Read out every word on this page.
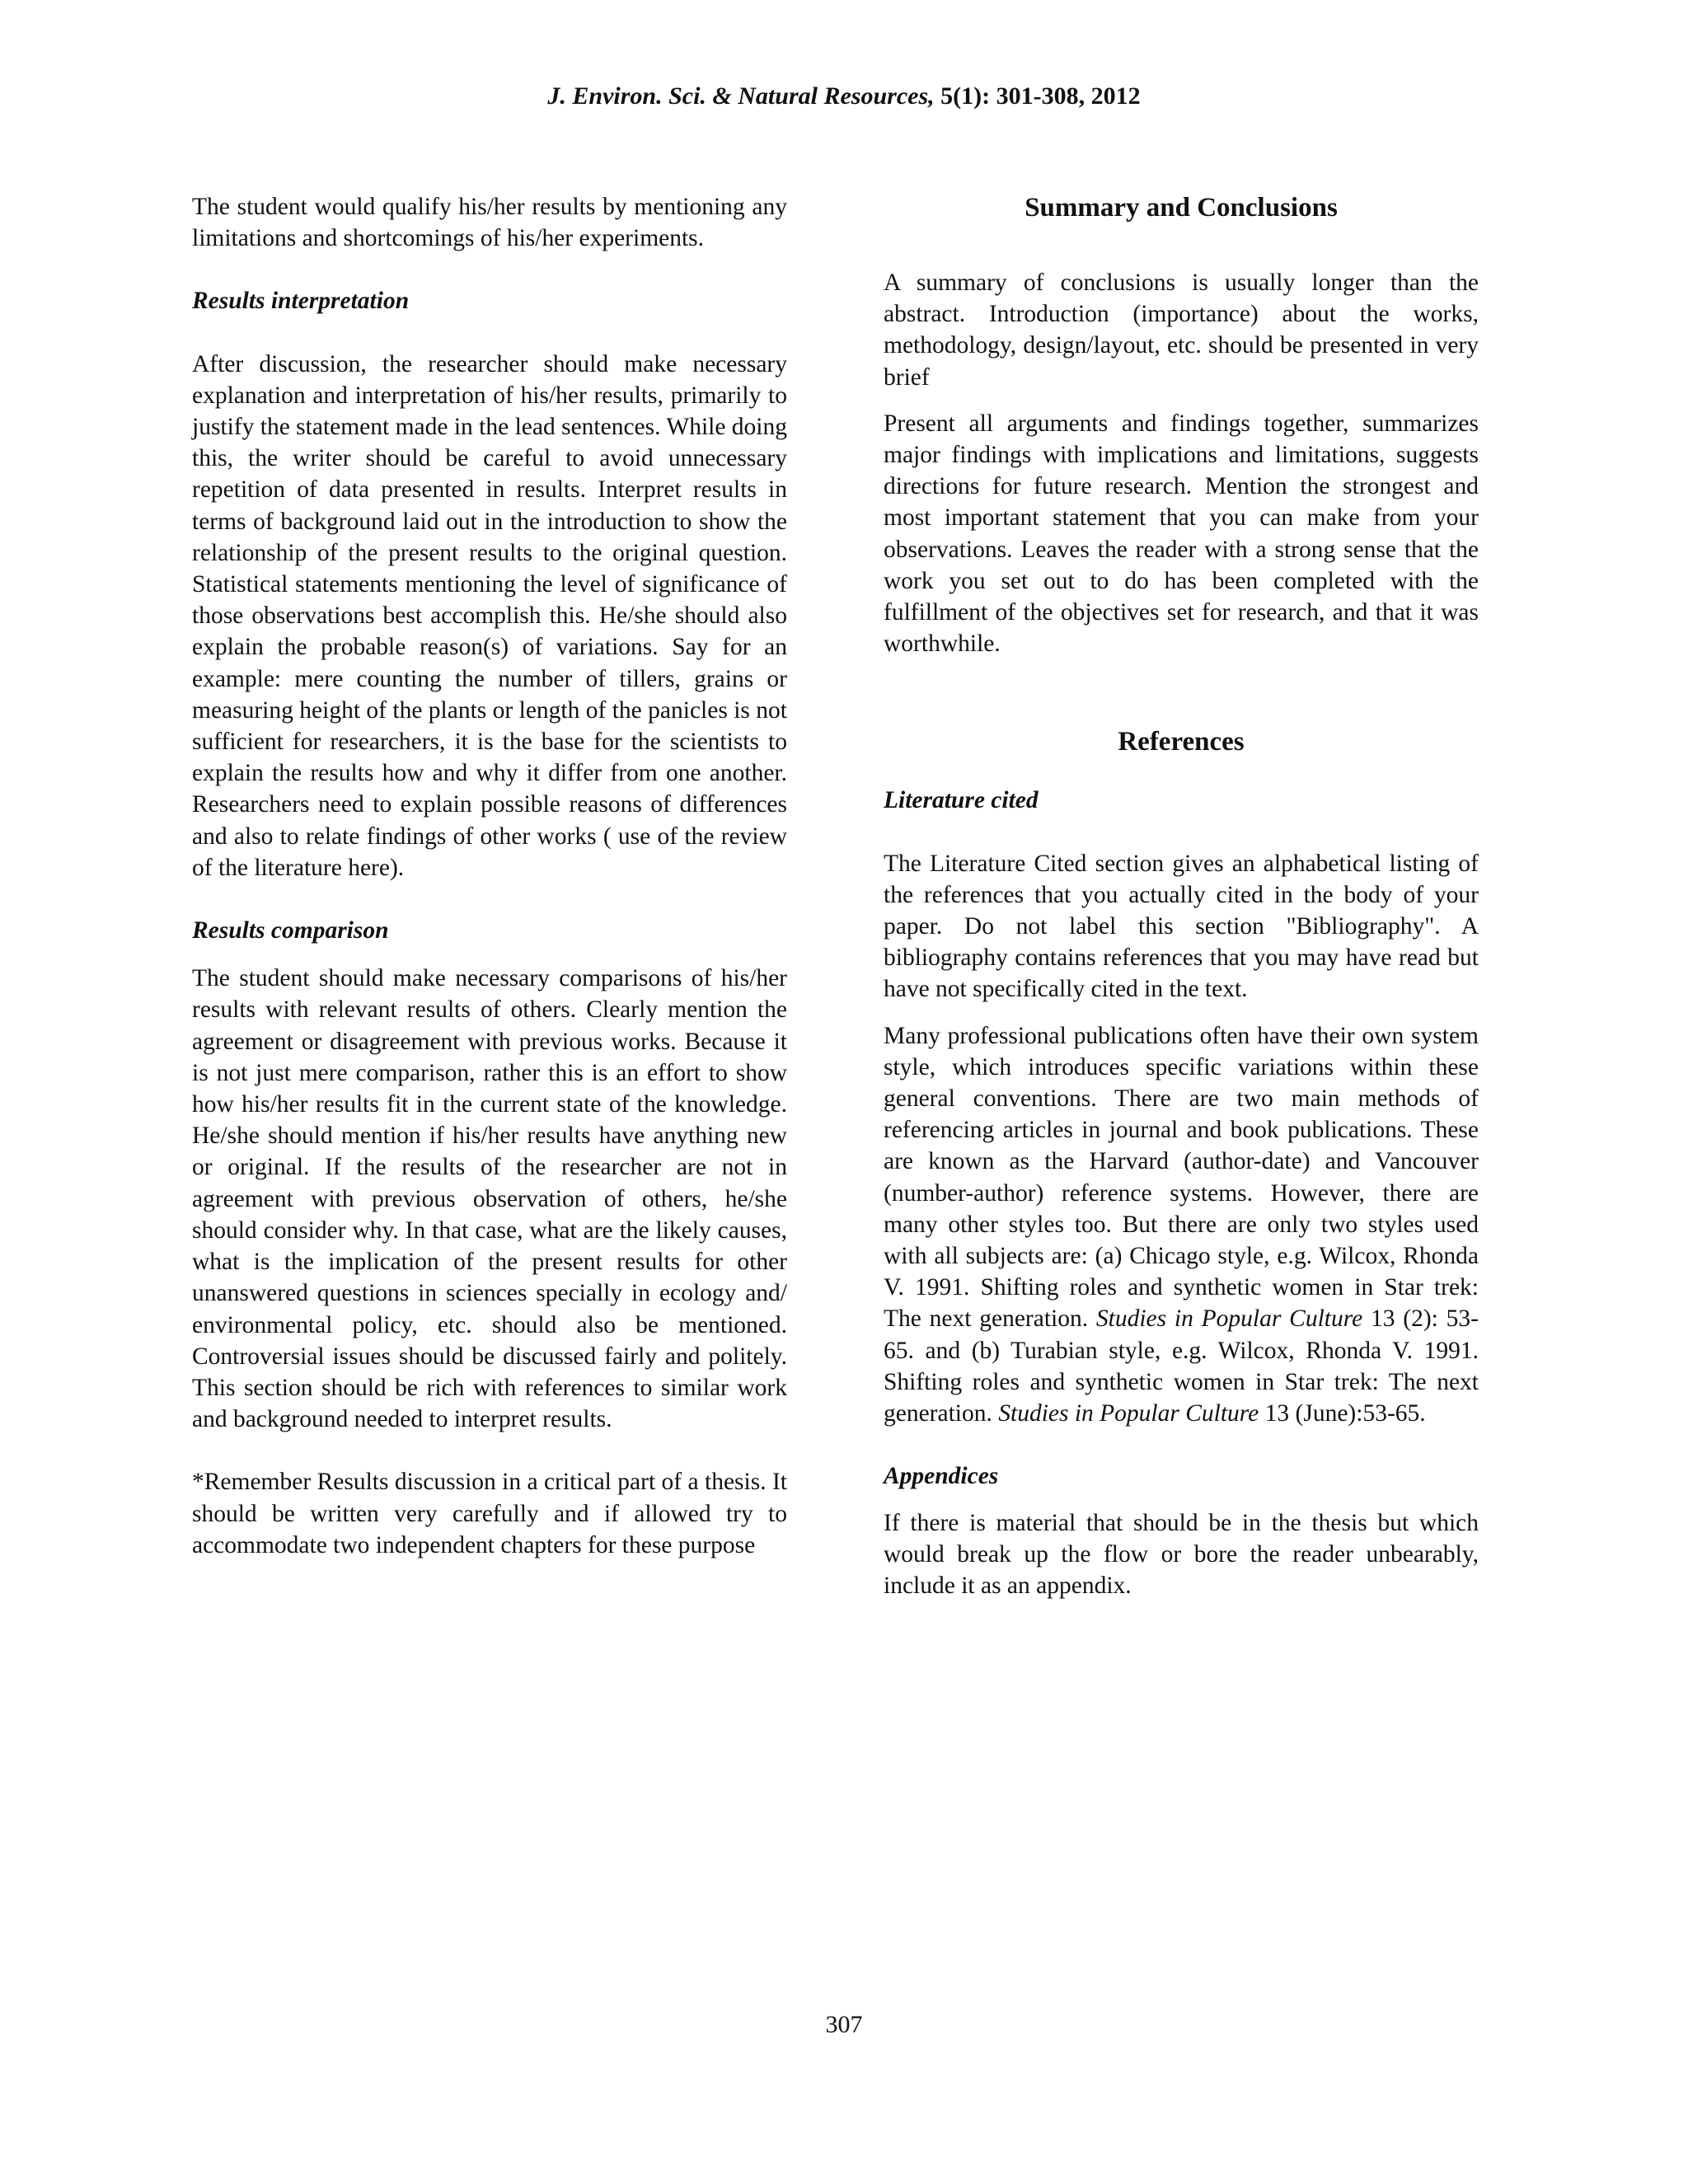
J. Environ. Sci. & Natural Resources, 5(1): 301-308, 2012

The student would qualify his/her results by mentioning any limitations and shortcomings of his/her experiments.

Results interpretation

After discussion, the researcher should make necessary explanation and interpretation of his/her results, primarily to justify the statement made in the lead sentences. While doing this, the writer should be careful to avoid unnecessary repetition of data presented in results. Interpret results in terms of background laid out in the introduction to show the relationship of the present results to the original question. Statistical statements mentioning the level of significance of those observations best accomplish this. He/she should also explain the probable reason(s) of variations. Say for an example: mere counting the number of tillers, grains or measuring height of the plants or length of the panicles is not sufficient for researchers, it is the base for the scientists to explain the results how and why it differ from one another. Researchers need to explain possible reasons of differences and also to relate findings of other works ( use of the review of the literature here).

Results comparison

The student should make necessary comparisons of his/her results with relevant results of others. Clearly mention the agreement or disagreement with previous works. Because it is not just mere comparison, rather this is an effort to show how his/her results fit in the current state of the knowledge. He/she should mention if his/her results have anything new or original. If the results of the researcher are not in agreement with previous observation of others, he/she should consider why. In that case, what are the likely causes, what is the implication of the present results for other unanswered questions in sciences specially in ecology and/ environmental policy, etc. should also be mentioned. Controversial issues should be discussed fairly and politely. This section should be rich with references to similar work and background needed to interpret results.

*Remember Results discussion in a critical part of a thesis. It should be written very carefully and if allowed try to accommodate two independent chapters for these purpose

Summary and Conclusions

A summary of conclusions is usually longer than the abstract. Introduction (importance) about the works, methodology, design/layout, etc. should be presented in very brief

Present all arguments and findings together, summarizes major findings with implications and limitations, suggests directions for future research. Mention the strongest and most important statement that you can make from your observations. Leaves the reader with a strong sense that the work you set out to do has been completed with the fulfillment of the objectives set for research, and that it was worthwhile.

References
Literature cited

The Literature Cited section gives an alphabetical listing of the references that you actually cited in the body of your paper. Do not label this section "Bibliography". A bibliography contains references that you may have read but have not specifically cited in the text.

Many professional publications often have their own system style, which introduces specific variations within these general conventions. There are two main methods of referencing articles in journal and book publications. These are known as the Harvard (author-date) and Vancouver (number-author) reference systems. However, there are many other styles too. But there are only two styles used with all subjects are: (a) Chicago style, e.g. Wilcox, Rhonda V. 1991. Shifting roles and synthetic women in Star trek: The next generation. Studies in Popular Culture 13 (2): 53-65. and (b) Turabian style, e.g. Wilcox, Rhonda V. 1991. Shifting roles and synthetic women in Star trek: The next generation. Studies in Popular Culture 13 (June):53-65.

Appendices

If there is material that should be in the thesis but which would break up the flow or bore the reader unbearably, include it as an appendix.

307
